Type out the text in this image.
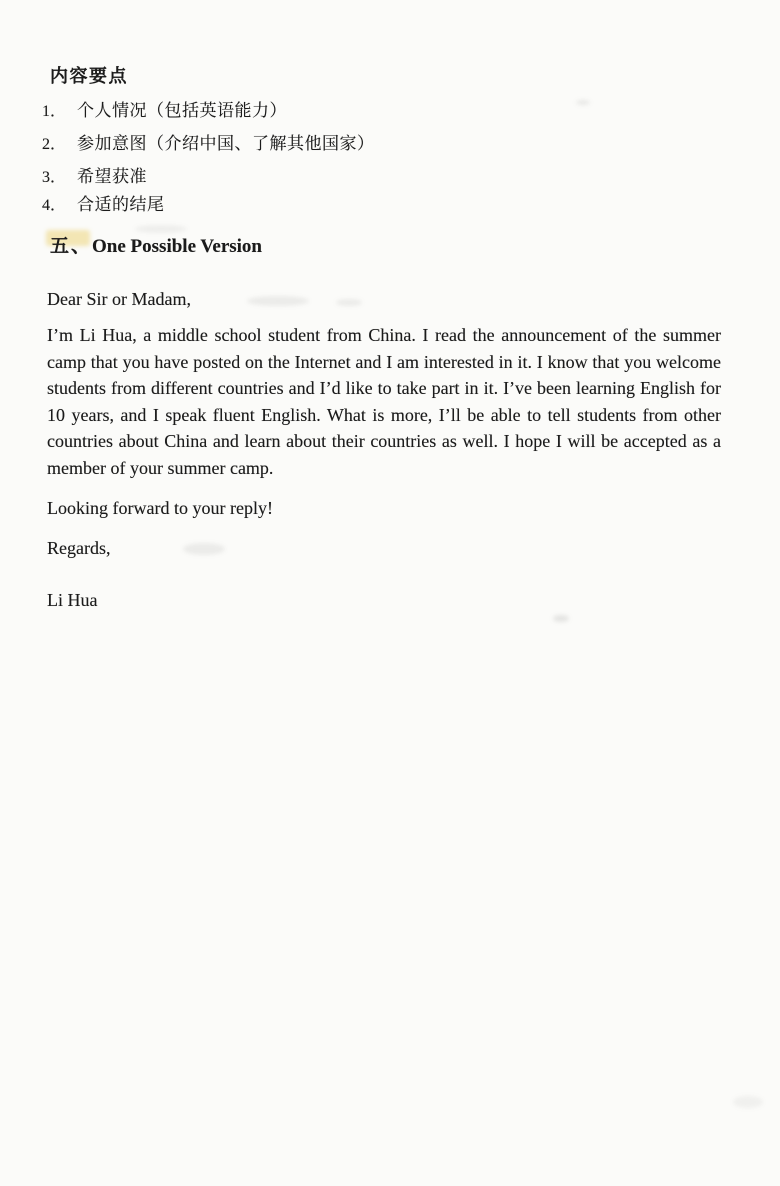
内容要点
1． 个人情况（包括英语能力）
2． 参加意图（介绍中国、了解其他国家）
3． 希望获准
4． 合适的结尾
五、One Possible Version
Dear Sir or Madam,
I’m Li Hua, a middle school student from China. I read the announcement of the summer camp that you have posted on the Internet and I am interested in it. I know that you welcome students from different countries and I’d like to take part in it. I’ve been learning English for 10 years, and I speak fluent English. What is more, I’ll be able to tell students from other countries about China and learn about their countries as well. I hope I will be accepted as a member of your summer camp.
Looking forward to your reply!
Regards,
Li Hua
